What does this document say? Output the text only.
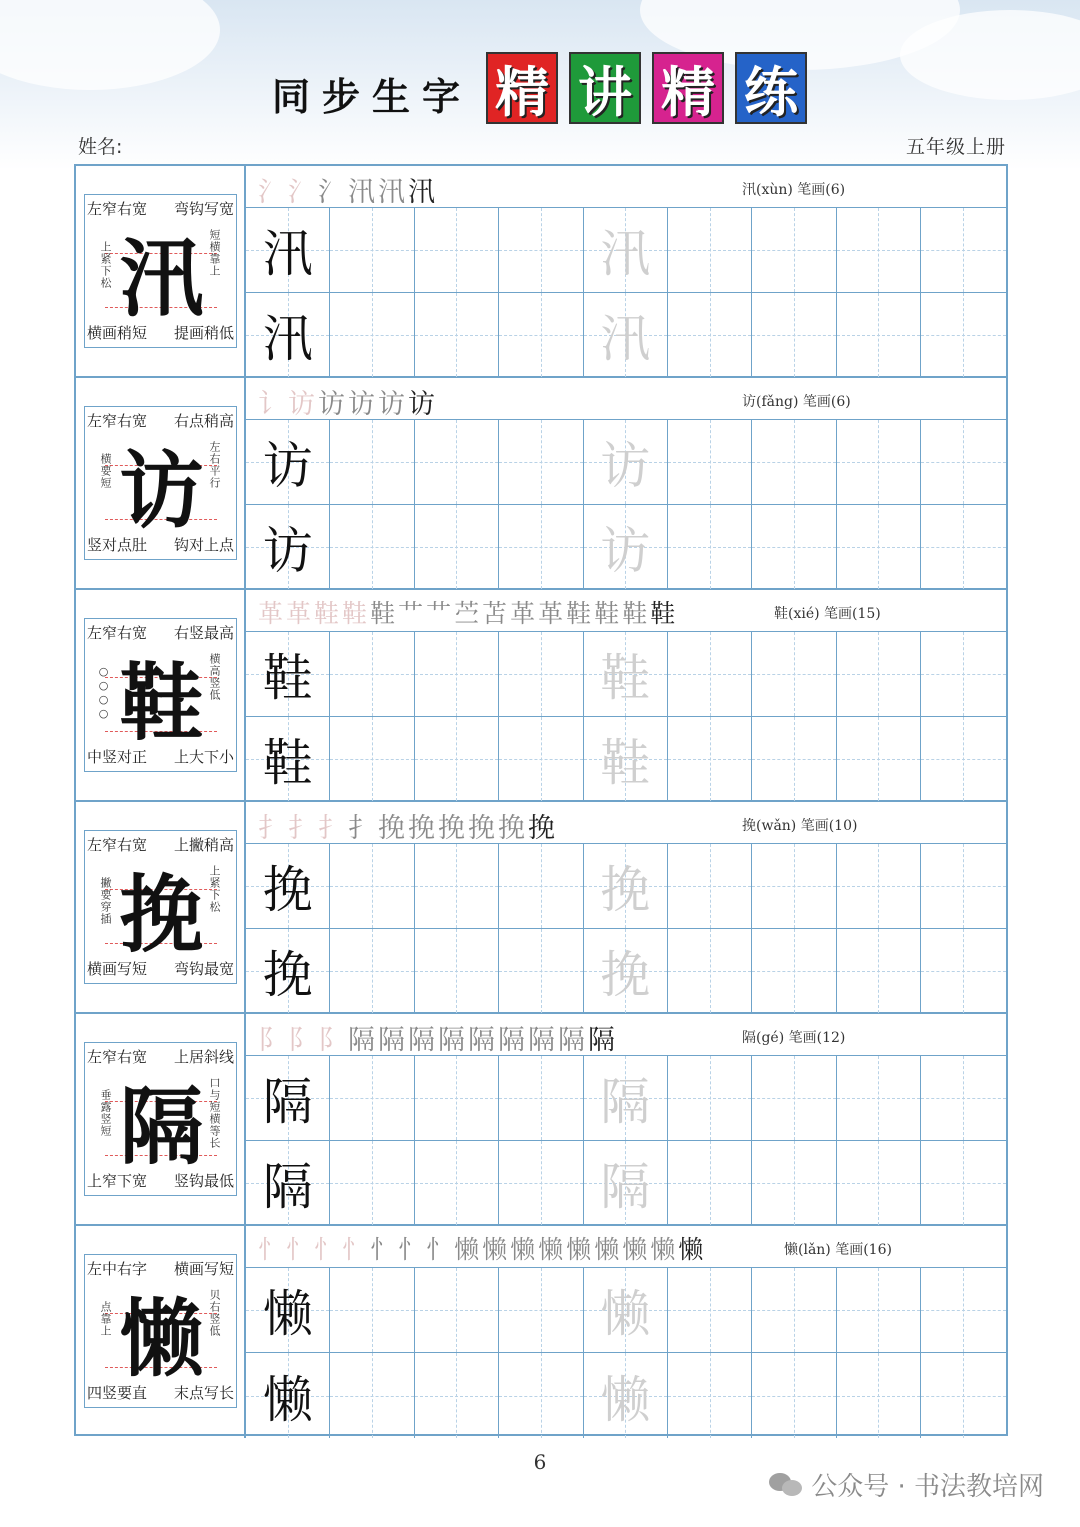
同步生字 精 讲 精 练
姓名:	五年级上册
左窄右宽 弯钩写宽
横画稍短 提画稍低
汛
上紧下松	短横靠上
氵氵氵汛汛汛	汛(xùn) 笔画(6)
汛	汛
汛	汛
左窄右宽 右点稍高
竖对点肚 钩对上点
访
横要短	左右平行
讠访访访访访	访(fǎng) 笔画(6)
访	访
访	访
左窄右宽 右竖最高
中竖对正 上大下小
鞋
○○○○	横高竖低
革革鞋鞋鞋艹艹苎苫革革鞋鞋鞋鞋	鞋(xié) 笔画(15)
鞋	鞋
鞋	鞋
左窄右宽 上撇稍高
横画写短 弯钩最宽
挽
撇要穿插	上紧下松
扌扌扌扌挽挽挽挽挽挽	挽(wǎn) 笔画(10)
挽	挽
挽	挽
左窄右宽 上居斜线
上窄下宽 竖钩最低
隔
垂露竖短	口与短横等长
阝阝阝隔隔隔隔隔隔隔隔隔	隔(gé) 笔画(12)
隔	隔
隔	隔
左中右字 横画写短
四竖要直 末点写长
懒
点靠上	贝右竖低
忄忄忄忄忄忄忄懒懒懒懒懒懒懒懒懒	懒(lǎn) 笔画(16)
懒	懒
懒	懒
6
公众号 · 书法教培网
